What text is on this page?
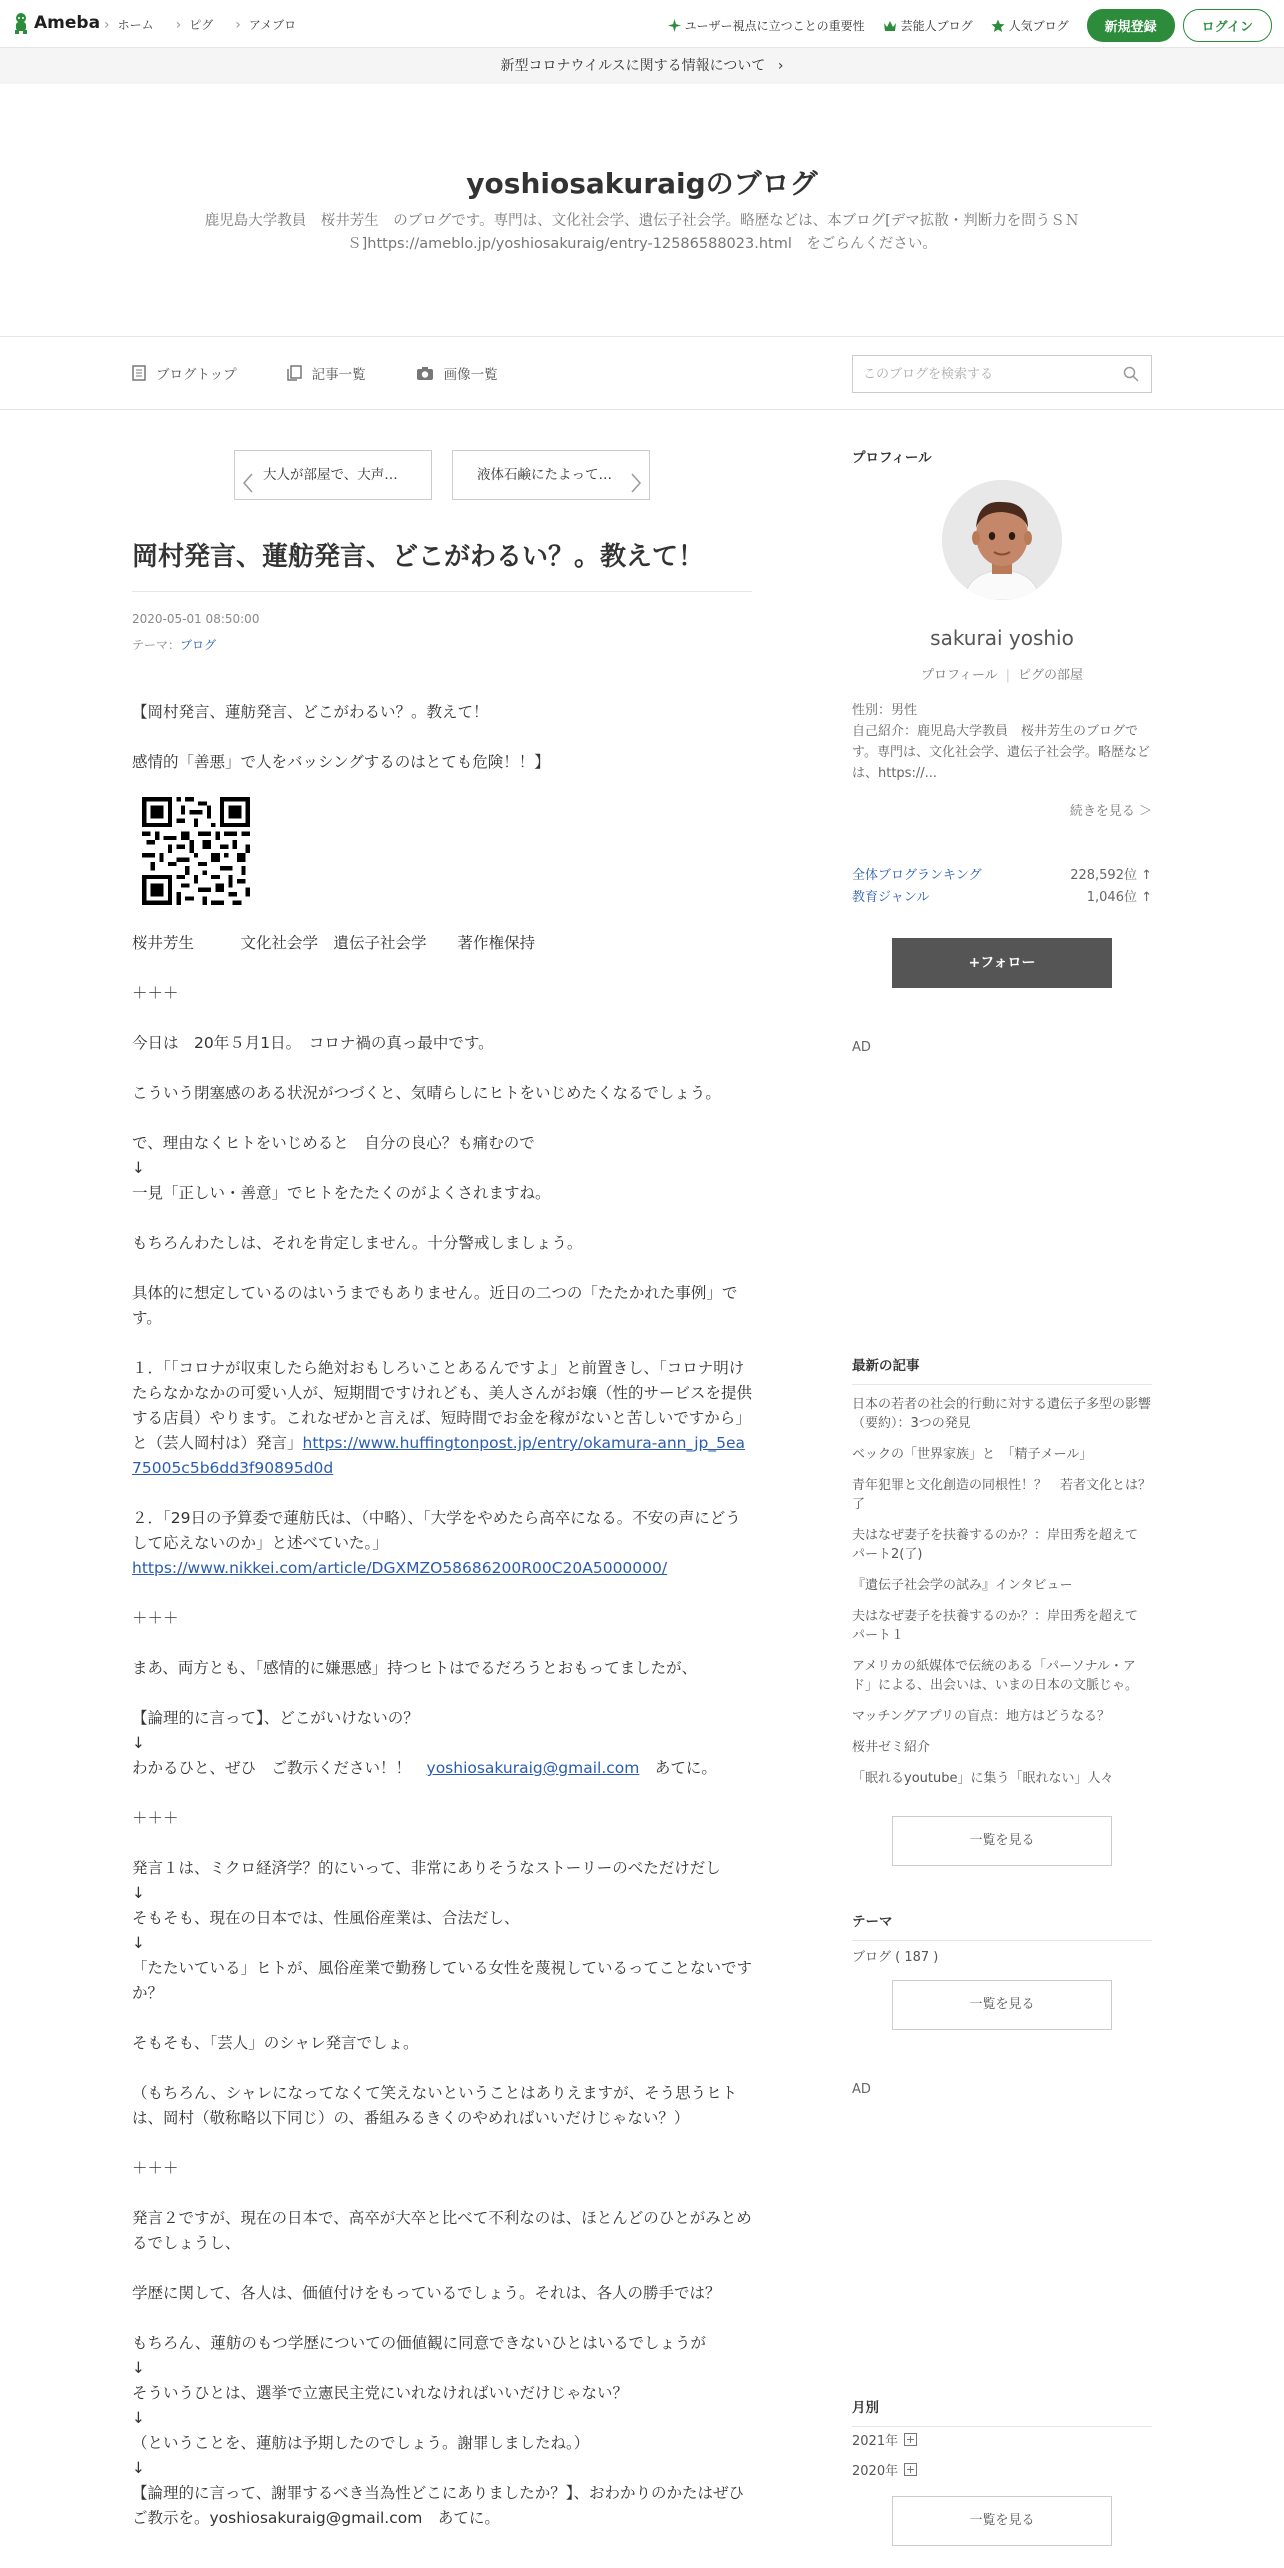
Ameba	› ホーム	› ピグ	› アメブロ	ユーザー視点に立つことの重要性	芸能人ブログ	人気ブログ	新規登録	ログイン
新型コロナウイルスに関する情報について ›
yoshiosakuraigのブログ
鹿児島大学教員　桜井芳生　のブログです。専門は、文化社会学、遺伝子社会学。略歴などは、本ブログ[デマ拡散・判断力を問うＳＮＳ]https://ameblo.jp/yoshiosakuraig/entry-12586588023.html　をごらんください。
ブログトップ	記事一覧	画像一覧
このブログを検索する
大人が部屋で、大声…	液体石鹸にたよって…
岡村発言、蓮舫発言、どこがわるい？。教えて！
2020-05-01 08:50:00
テーマ：ブログ

【岡村発言、蓮舫発言、どこがわるい？。教えて！

感情的「善悪」で人をバッシングするのはとても危険！！】

桜井芳生　　　文化社会学　遺伝子社会学　　著作権保持

＋＋＋

今日は　20年５月1日。　コロナ禍の真っ最中です。

こういう閉塞感のある状況がつづくと、気晴らしにヒトをいじめたくなるでしょう。

で、理由なくヒトをいじめると　自分の良心？も痛むので

↓

一見「正しい・善意」でヒトをたたくのがよくされますね。

もちろんわたしは、それを肯定しません。十分警戒しましょう。

具体的に想定しているのはいうまでもありません。近日の二つの「たたかれた事例」です。

１．「「コロナが収束したら絶対おもしろいことあるんですよ」と前置きし、「コロナ明けたらなかなかの可愛い人が、短期間ですけれども、美人さんがお嬢（性的サービスを提供する店員）やります。これなぜかと言えば、短時間でお金を稼がないと苦しいですから」と（芸人岡村は）発言」https://www.huffingtonpost.jp/entry/okamura-ann_jp_5ea75005c5b6dd3f90895d0d

２．「29日の予算委で蓮舫氏は、（中略）、「大学をやめたら高卒になる。不安の声にどうして応えないのか」と述べていた。」
https://www.nikkei.com/article/DGXMZO58686200R00C20A5000000/

＋＋＋

まあ、両方とも、「感情的に嫌悪感」持つヒトはでるだろうとおもってましたが、

【論理的に言って】、どこがいけないの？

↓

わかるひと、ぜひ　ご教示ください！！　yoshiosakuraig@gmail.com　あてに。

＋＋＋

発言１は、ミクロ経済学？的にいって、非常にありそうなストーリーのべただけだし

↓

そもそも、現在の日本では、性風俗産業は、合法だし、

↓

「たたいている」ヒトが、風俗産業で勤務している女性を蔑視しているってことないですか？

そもそも、「芸人」のシャレ発言でしょ。

（もちろん、シャレになってなくて笑えないということはありえますが、そう思うヒトは、岡村（敬称略以下同じ）の、番組みるきくのやめればいいだけじゃない？）

＋＋＋

発言２ですが、現在の日本で、高卒が大卒と比べて不利なのは、ほとんどのひとがみとめるでしょうし、

学歴に関して、各人は、価値付けをもっているでしょう。それは、各人の勝手では？

もちろん、蓮舫のもつ学歴についての価値観に同意できないひとはいるでしょうが

↓

そういうひとは、選挙で立憲民主党にいれなければいいだけじゃない？

↓

（ということを、蓮舫は予期したのでしょう。謝罪しましたね。）

↓

【論理的に言って、謝罪するべき当為性どこにありましたか？】、おわかりのかたはぜひご教示を。yoshiosakuraig@gmail.com　あてに。

プロフィール
sakurai yoshio
プロフィール | ピグの部屋
性別：男性
自己紹介：鹿児島大学教員　桜井芳生のブログです。専門は、文化社会学、遺伝子社会学。略歴などは、https://...
続きを見る ＞
全体ブログランキング	228,592位 ↑
教育ジャンル	1,046位 ↑
+フォロー
AD
最新の記事
日本の若者の社会的行動に対する遺伝子多型の影響（要約）：3つの発見
ベックの「世界家族」と　「精子メール」
青年犯罪と文化創造の同根性！？　若者文化とは？　了
夫はなぜ妻子を扶養するのか？：岸田秀を超えて　パート2(了)
『遺伝子社会学の試み』インタビュー
夫はなぜ妻子を扶養するのか？：岸田秀を超えて　パート１
アメリカの紙媒体で伝統のある「パーソナル・アド」による、出会いは、いまの日本の文脈じゃ。
マッチングアプリの盲点：地方はどうなる？
桜井ゼミ紹介
「眠れるyoutube」に集う「眠れない」人々
一覧を見る
テーマ
ブログ ( 187 )
一覧を見る
AD
月別
2021年
2020年
一覧を見る
